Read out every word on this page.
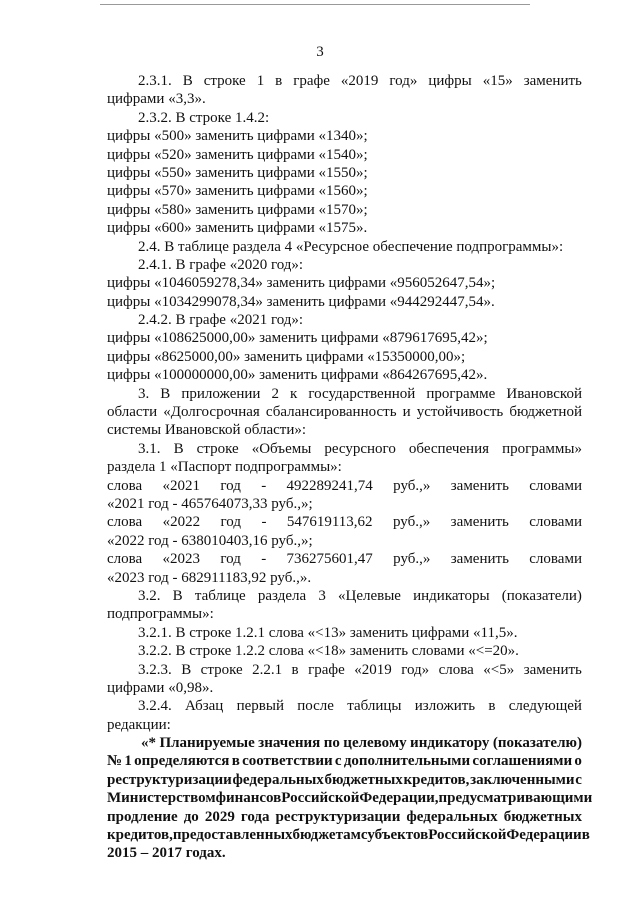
3
2.3.1. В строке 1 в графе «2019 год» цифры «15» заменить
цифрами «3,3».
2.3.2. В строке 1.4.2:
цифры «500» заменить цифрами «1340»;
цифры «520» заменить цифрами «1540»;
цифры «550» заменить цифрами «1550»;
цифры «570» заменить цифрами «1560»;
цифры «580» заменить цифрами «1570»;
цифры «600» заменить цифрами «1575».
2.4. В таблице раздела 4 «Ресурсное обеспечение подпрограммы»:
2.4.1. В графе «2020 год»:
цифры «1046059278,34» заменить цифрами «956052647,54»;
цифры «1034299078,34» заменить цифрами «944292447,54».
2.4.2. В графе «2021 год»:
цифры «108625000,00» заменить цифрами «879617695,42»;
цифры «8625000,00» заменить цифрами «15350000,00»;
цифры «100000000,00» заменить цифрами «864267695,42».
3. В приложении 2 к государственной программе Ивановской
области «Долгосрочная сбалансированность и устойчивость бюджетной
системы Ивановской области»:
3.1. В строке «Объемы ресурсного обеспечения программы»
раздела 1 «Паспорт подпрограммы»:
слова «2021 год - 492289241,74 руб.,» заменить словами
«2021 год - 465764073,33 руб.,»;
слова «2022 год - 547619113,62 руб.,» заменить словами
«2022 год - 638010403,16 руб.,»;
слова «2023 год - 736275601,47 руб.,» заменить словами
«2023 год - 682911183,92 руб.,».
3.2. В таблице раздела 3 «Целевые индикаторы (показатели)
подпрограммы»:
3.2.1. В строке 1.2.1 слова «<13» заменить цифрами «11,5».
3.2.2. В строке 1.2.2 слова «<18» заменить словами «<=20».
3.2.3. В строке 2.2.1 в графе «2019 год» слова «<5» заменить
цифрами «0,98».
3.2.4. Абзац первый после таблицы изложить в следующей
редакции:
«* Планируемые значения по целевому индикатору (показателю)
№ 1 определяются в соответствии с дополнительными соглашениями о
реструктуризации федеральных бюджетных кредитов, заключенными с
Министерством финансов Российской Федерации, предусматривающими
продление до 2029 года реструктуризации федеральных бюджетных
кредитов, предоставленных бюджетам субъектов Российской Федерации в
2015 – 2017 годах.
